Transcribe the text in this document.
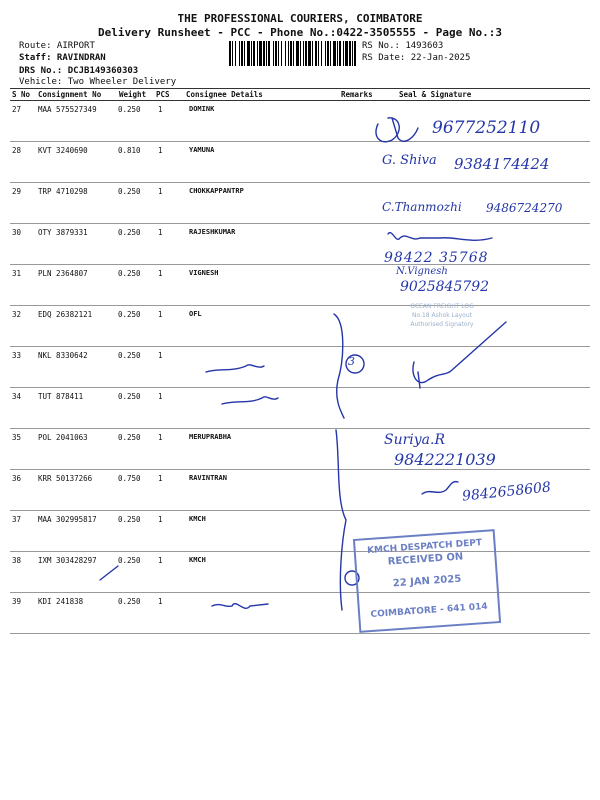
THE PROFESSIONAL COURIERS, COIMBATORE
Delivery Runsheet - PCC - Phone No.:0422-3505555 - Page No.:3
Route: AIRPORT
Staff: RAVINDRAN
DRS No.: DCJB149360303
Vehicle: Two Wheeler Delivery
RS No.: 1493603
RS Date: 22-Jan-2025
S No Consignment No Weight PCS Consignee Details	Remarks	Seal & Signature
27 MAA 575527349	0.250 1	DOMINK
28 KVT 3240690	0.810 1	YAMUNA
29 TRP 4710298	0.250 1	CHOKKAPPANTRP
30 OTY 3879331	0.250 1	RAJESHKUMAR
31 PLN 2364807	0.250 1	VIGNESH
32 EDQ 26382121	0.250 1	OFL
33 NKL 8330642	0.250 1
34 TUT 878411	0.250 1
35 POL 2041063	0.250 1	MERUPRABHA
36 KRR 50137266	0.750 1	RAVINTRAN
37 MAA 302995817	0.250 1	KMCH
38 IXM 303428297	0.250 1	KMCH
39 KDI 241838	0.250 1
OCEAN FREIGHT LOG
No.18 Ashok Layout
Authorised Signatory
9677252110
G. Shiva 9384174424
C.Thanmozhi 9486724270
98422 35768
N.Vignesh
9025845792
Suriya.R
9842221039
9842658608
3
KMCH DESPATCH DEPT
RECEIVED ON
22 JAN 2025
COIMBATORE - 641 014
